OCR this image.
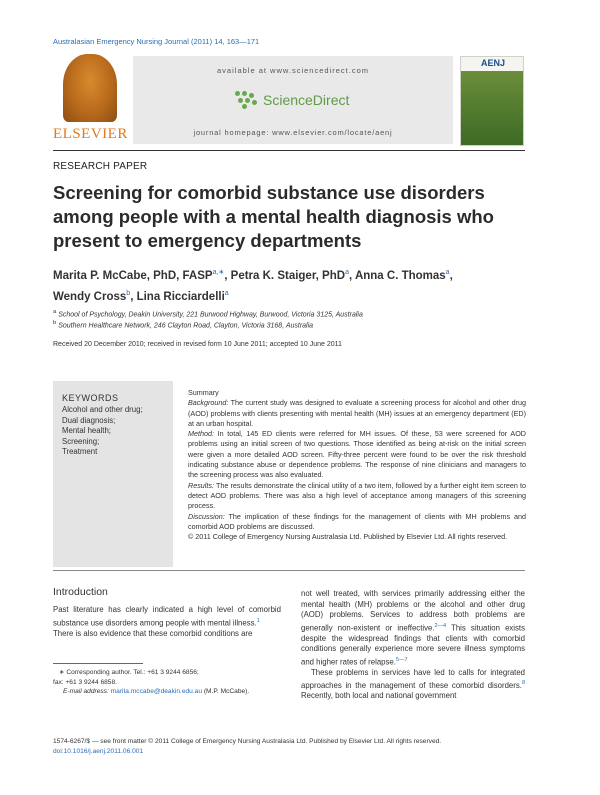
Australasian Emergency Nursing Journal (2011) 14, 163—171
ELSEVIER
available at www.sciencedirect.com
ScienceDirect
journal homepage: www.elsevier.com/locate/aenj
AENJ
RESEARCH PAPER
Screening for comorbid substance use disorders among people with a mental health diagnosis who present to emergency departments
Marita P. McCabe, PhD, $FASP^{a,∗}$, Petra K. Staiger, PhD$^a$, Anna C. Thomas$^a$,
Wendy Cross$^b$, Lina Ricciardelli$^a$
$^a$ School of Psychology, Deakin University, 221 Burwood Highway, Burwood, Victoria 3125, Australia
$^b$ Southern Healthcare Network, 246 Clayton Road, Clayton, Victoria 3168, Australia
Received 20 December 2010; received in revised form 10 June 2011; accepted 10 June 2011
KEYWORDS
Alcohol and other drug;
Dual diagnosis;
Mental health;
Screening;
Treatment

Summary

Background: The current study was designed to evaluate a screening process for alcohol and other drug (AOD) problems with clients presenting with mental health (MH) issues at an emergency department (ED) at an urban hospital.

Method: In total, 145 ED clients were referred for MH issues. Of these, 53 were screened for AOD problems using an initial screen of two questions. Those identified as being at-risk on the initial screen were given a more detailed AOD screen. Fifty-three percent were found to be over the risk threshold indicating substance abuse or dependence problems. The response of nine clinicians and managers to the screening process was also evaluated.

Results: The results demonstrate the clinical utility of a two item, followed by a further eight item screen to detect AOD problems. There was also a high level of acceptance among managers of this screening process.

Discussion: The implication of these findings for the management of clients with MH problems and comorbid AOD problems are discussed.

© 2011 College of Emergency Nursing Australasia Ltd. Published by Elsevier Ltd. All rights reserved.

Introduction
Past literature has clearly indicated a high level of comorbid substance use disorders among people with mental illness.$^1$
There is also evidence that these comorbid conditions are
not well treated, with services primarily addressing either the mental health (MH) problems or the alcohol and other drug (AOD) problems. Services to address both problems are generally non-existent or ineffective.$^{2—4}$ This situation exists despite the widespread findings that clients with comorbid conditions generally experience more severe illness symptoms and higher rates of relapse.$^{5—7}$
These problems in services have led to calls for integrated approaches in the management of these comorbid disorders.$^8$ Recently, both local and national government
∗ Corresponding author. Tel.: +61 3 9244 6856;
fax: +61 3 9244 6858.
E-mail address: marita.mccabe@deakin.edu.au (M.P. McCabe).
1574-6267/$ — see front matter © 2011 College of Emergency Nursing Australasia Ltd. Published by Elsevier Ltd. All rights reserved.
doi:10.1016/j.aenj.2011.06.001
